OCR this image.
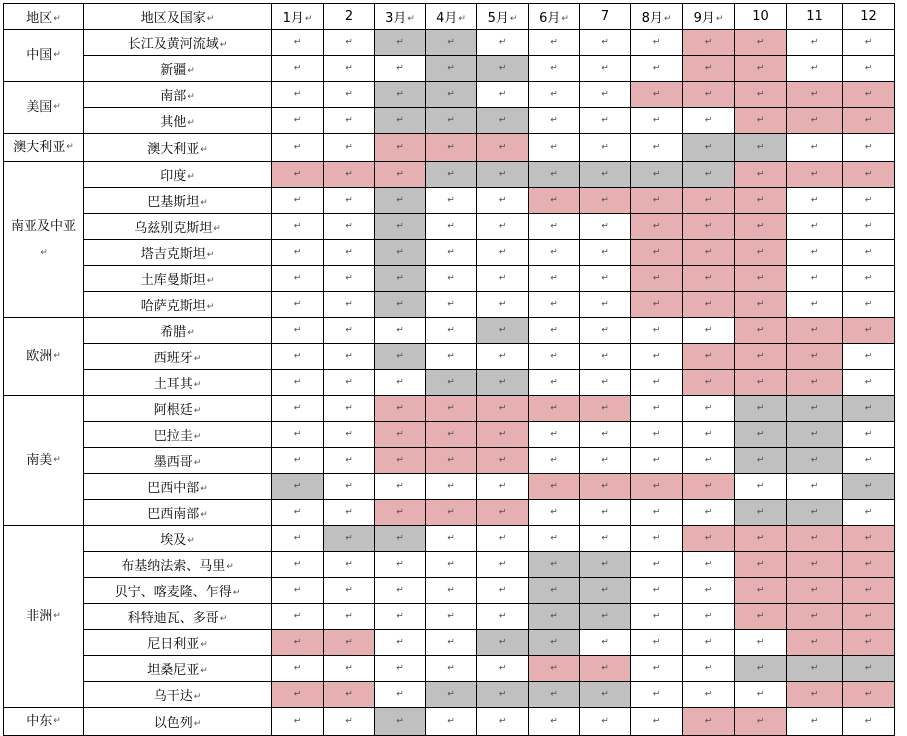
地区↵	地区及国家↵	1月↵	2	3月↵	4月↵	5月↵	6月↵	7	8月↵	9月↵	10	11	12
中国↵	长江及黄河流域↵	↵	↵	↵	↵	↵	↵	↵	↵	↵	↵	↵	↵
	新疆↵	↵	↵	↵	↵	↵	↵	↵	↵	↵	↵	↵	↵
美国↵	南部↵	↵	↵	↵	↵	↵	↵	↵	↵	↵	↵	↵	↵
	其他↵	↵	↵	↵	↵	↵	↵	↵	↵	↵	↵	↵	↵
澳大利亚↵	澳大利亚↵	↵	↵	↵	↵	↵	↵	↵	↵	↵	↵	↵	↵
南亚及中亚↵	印度↵	↵	↵	↵	↵	↵	↵	↵	↵	↵	↵	↵	↵
	巴基斯坦↵	↵	↵	↵	↵	↵	↵	↵	↵	↵	↵	↵	↵
	乌兹别克斯坦↵	↵	↵	↵	↵	↵	↵	↵	↵	↵	↵	↵	↵
	塔吉克斯坦↵	↵	↵	↵	↵	↵	↵	↵	↵	↵	↵	↵	↵
	土库曼斯坦↵	↵	↵	↵	↵	↵	↵	↵	↵	↵	↵	↵	↵
	哈萨克斯坦↵	↵	↵	↵	↵	↵	↵	↵	↵	↵	↵	↵	↵
欧洲↵	希腊↵	↵	↵	↵	↵	↵	↵	↵	↵	↵	↵	↵	↵
	西班牙↵	↵	↵	↵	↵	↵	↵	↵	↵	↵	↵	↵	↵
	土耳其↵	↵	↵	↵	↵	↵	↵	↵	↵	↵	↵	↵	↵
南美↵	阿根廷↵	↵	↵	↵	↵	↵	↵	↵	↵	↵	↵	↵	↵
	巴拉圭↵	↵	↵	↵	↵	↵	↵	↵	↵	↵	↵	↵	↵
	墨西哥↵	↵	↵	↵	↵	↵	↵	↵	↵	↵	↵	↵	↵
	巴西中部↵	↵	↵	↵	↵	↵	↵	↵	↵	↵	↵	↵	↵
	巴西南部↵	↵	↵	↵	↵	↵	↵	↵	↵	↵	↵	↵	↵
非洲↵	埃及↵	↵	↵	↵	↵	↵	↵	↵	↵	↵	↵	↵	↵
	布基纳法索、马里↵	↵	↵	↵	↵	↵	↵	↵	↵	↵	↵	↵	↵
	贝宁、喀麦隆、乍得↵	↵	↵	↵	↵	↵	↵	↵	↵	↵	↵	↵	↵
	科特迪瓦、多哥↵	↵	↵	↵	↵	↵	↵	↵	↵	↵	↵	↵	↵
	尼日利亚↵	↵	↵	↵	↵	↵	↵	↵	↵	↵	↵	↵	↵
	坦桑尼亚↵	↵	↵	↵	↵	↵	↵	↵	↵	↵	↵	↵	↵
	乌干达↵	↵	↵	↵	↵	↵	↵	↵	↵	↵	↵	↵	↵
中东↵	以色列↵	↵	↵	↵	↵	↵	↵	↵	↵	↵	↵	↵	↵
